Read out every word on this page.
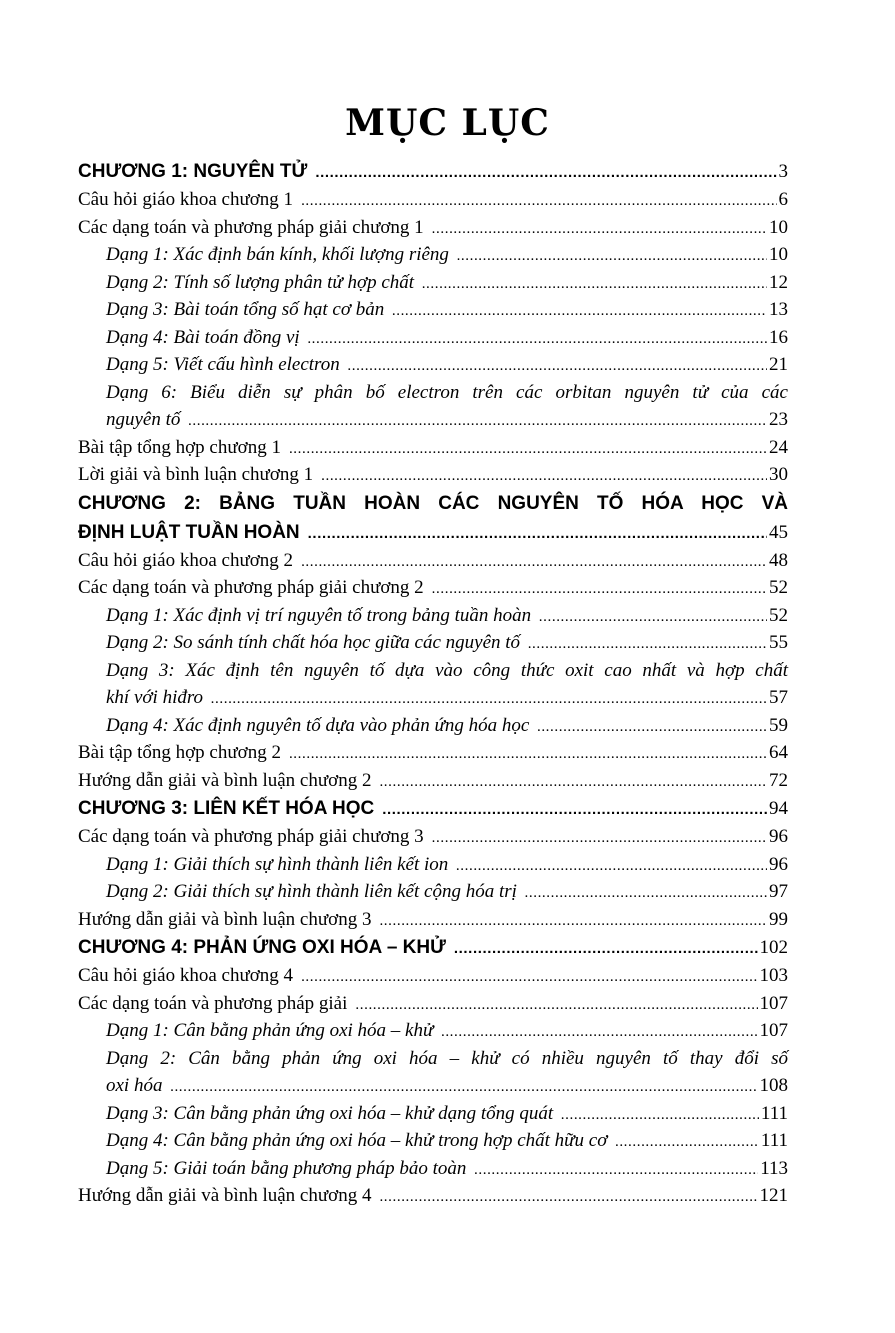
MỤC LỤC
CHƯƠNG 1: NGUYÊN TỬ .....	3
Câu hỏi giáo khoa chương 1 .....	6
Các dạng toán và phương pháp giải chương 1 .....	10
Dạng 1: Xác định bán kính, khối lượng riêng .....	10
Dạng 2: Tính số lượng phân tử hợp chất .....	12
Dạng 3: Bài toán tổng số hạt cơ bản .....	13
Dạng 4: Bài toán đồng vị .....	16
Dạng 5: Viết cấu hình electron .....	21
Dạng 6: Biểu diễn sự phân bố electron trên các orbitan nguyên tử của các
nguyên tố .....	23
Bài tập tổng hợp chương 1 .....	24
Lời giải và bình luận chương 1 .....	30
CHƯƠNG 2: BẢNG TUẦN HOÀN CÁC NGUYÊN TỐ HÓA HỌC VÀ
ĐỊNH LUẬT TUẦN HOÀN .....	45
Câu hỏi giáo khoa chương 2 .....	48
Các dạng toán và phương pháp giải chương 2 .....	52
Dạng 1: Xác định vị trí nguyên tố trong bảng tuần hoàn .....	52
Dạng 2: So sánh tính chất hóa học giữa các nguyên tố .....	55
Dạng 3: Xác định tên nguyên tố dựa vào công thức oxit cao nhất và hợp chất
khí với hiđro .....	57
Dạng 4: Xác định nguyên tố dựa vào phản ứng hóa học .....	59
Bài tập tổng hợp chương 2 .....	64
Hướng dẫn giải và bình luận chương 2 .....	72
CHƯƠNG 3: LIÊN KẾT HÓA HỌC .....	94
Các dạng toán và phương pháp giải chương 3 .....	96
Dạng 1: Giải thích sự hình thành liên kết ion .....	96
Dạng 2: Giải thích sự hình thành liên kết cộng hóa trị .....	97
Hướng dẫn giải và bình luận chương 3 .....	99
CHƯƠNG 4: PHẢN ỨNG OXI HÓA – KHỬ .....	102
Câu hỏi giáo khoa chương 4 .....	103
Các dạng toán và phương pháp giải .....	107
Dạng 1: Cân bằng phản ứng oxi hóa – khử .....	107
Dạng 2: Cân bằng phản ứng oxi hóa – khử có nhiều nguyên tố thay đổi số
oxi hóa .....	108
Dạng 3: Cân bằng phản ứng oxi hóa – khử dạng tổng quát .....	111
Dạng 4: Cân bằng phản ứng oxi hóa – khử trong hợp chất hữu cơ .....	111
Dạng 5: Giải toán bằng phương pháp bảo toàn .....	113
Hướng dẫn giải và bình luận chương 4 .....	121
